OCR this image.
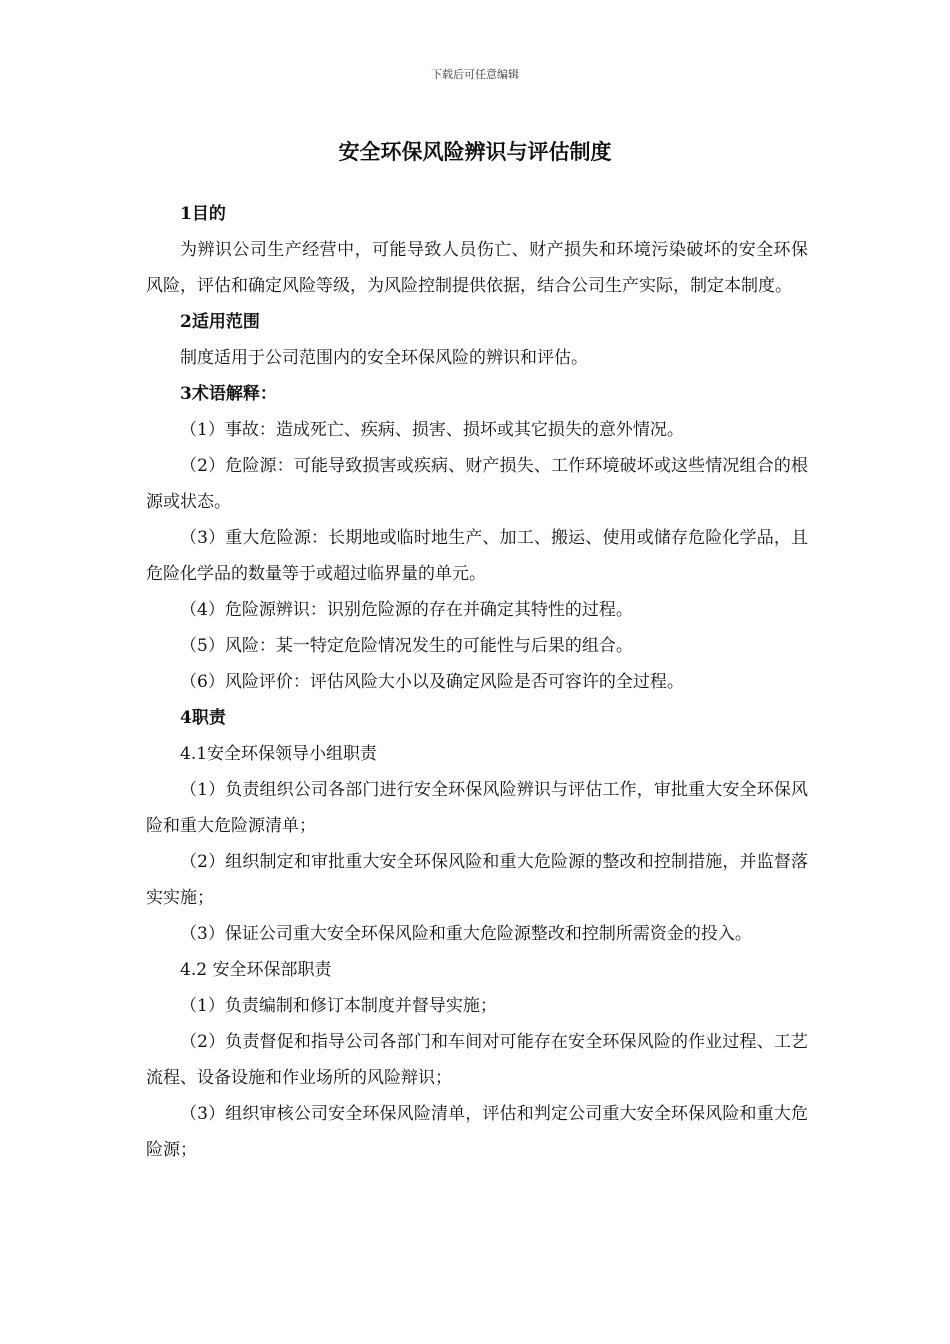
下载后可任意编辑
安全环保风险辨识与评估制度

1目的

为辨识公司生产经营中，可能导致人员伤亡、财产损失和环境污染破坏的安全环保风险，评估和确定风险等级，为风险控制提供依据，结合公司生产实际，制定本制度。

2适用范围

制度适用于公司范围内的安全环保风险的辨识和评估。

3术语解释：

（1）事故：造成死亡、疾病、损害、损坏或其它损失的意外情况。

（2）危险源：可能导致损害或疾病、财产损失、工作环境破坏或这些情况组合的根源或状态。

（3）重大危险源：长期地或临时地生产、加工、搬运、使用或储存危险化学品，且危险化学品的数量等于或超过临界量的单元。

（4）危险源辨识：识别危险源的存在并确定其特性的过程。

（5）风险：某一特定危险情况发生的可能性与后果的组合。

（6）风险评价：评估风险大小以及确定风险是否可容许的全过程。

4职责

4.1安全环保领导小组职责

（1）负责组织公司各部门进行安全环保风险辨识与评估工作，审批重大安全环保风险和重大危险源清单；

（2）组织制定和审批重大安全环保风险和重大危险源的整改和控制措施，并监督落实实施；

（3）保证公司重大安全环保风险和重大危险源整改和控制所需资金的投入。

4.2 安全环保部职责

（1）负责编制和修订本制度并督导实施；

（2）负责督促和指导公司各部门和车间对可能存在安全环保风险的作业过程、工艺流程、设备设施和作业场所的风险辩识；

（3）组织审核公司安全环保风险清单，评估和判定公司重大安全环保风险和重大危险源；
